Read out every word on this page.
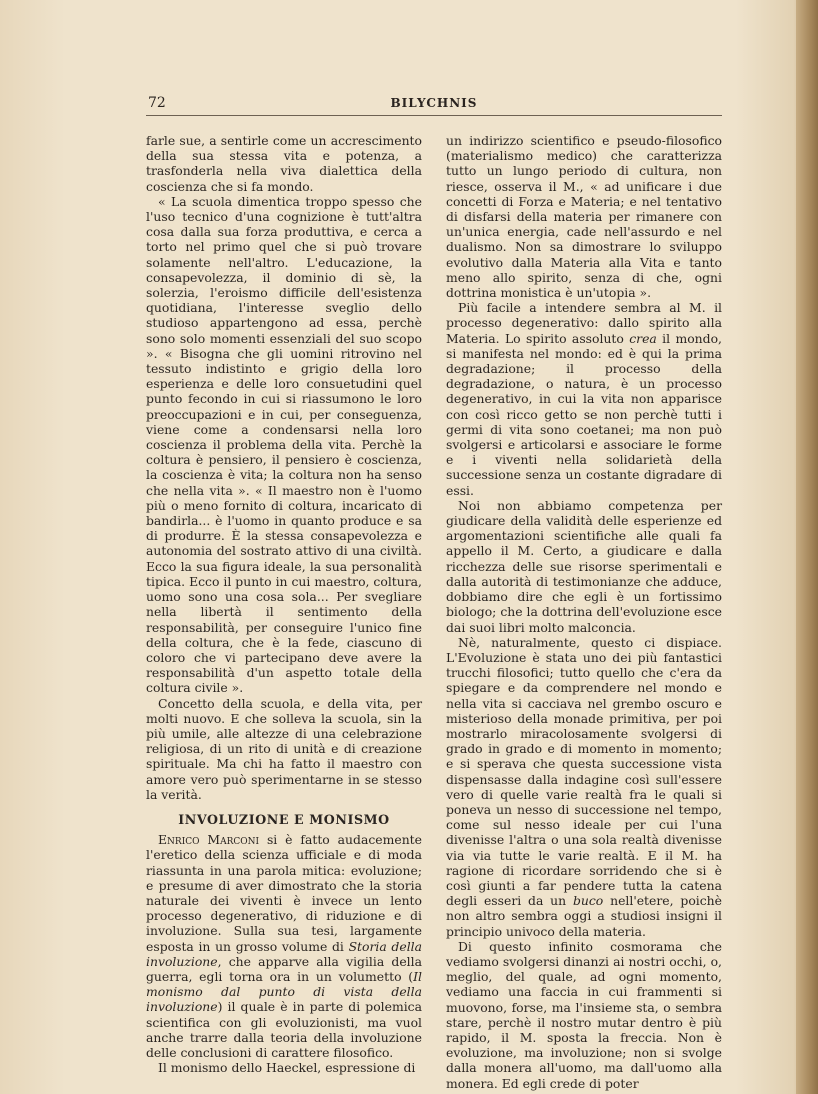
72	BILYCHNIS

farle sue, a sentirle come un accrescimento della sua stessa vita e potenza, a trasfonderla nella viva dialettica della coscienza che si fa mondo.

« La scuola dimentica troppo spesso che l'uso tecnico d'una cognizione è tutt'altra cosa dalla sua forza produttiva, e cerca a torto nel primo quel che si può trovare solamente nell'altro. L'educazione, la consapevolezza, il dominio di sè, la solerzia, l'eroismo difficile dell'esistenza quotidiana, l'interesse sveglio dello studioso appartengono ad essa, perchè sono solo momenti essenziali del suo scopo ». « Bisogna che gli uomini ritrovino nel tessuto indistinto e grigio della loro esperienza e delle loro consuetudini quel punto fecondo in cui si riassumono le loro preoccupazioni e in cui, per conseguenza, viene come a condensarsi nella loro coscienza il problema della vita. Perchè la coltura è pensiero, il pensiero è coscienza, la coscienza è vita; la coltura non ha senso che nella vita ». « Il maestro non è l'uomo più o meno fornito di coltura, incaricato di bandirla... è l'uomo in quanto produce e sa di produrre. È la stessa consapevolezza e autonomia del sostrato attivo di una civiltà. Ecco la sua figura ideale, la sua personalità tipica. Ecco il punto in cui maestro, coltura, uomo sono una cosa sola... Per svegliare nella libertà il sentimento della responsabilità, per conseguire l'unico fine della coltura, che è la fede, ciascuno di coloro che vi partecipano deve avere la responsabilità d'un aspetto totale della coltura civile ».

Concetto della scuola, e della vita, per molti nuovo. E che solleva la scuola, sin la più umile, alle altezze di una celebrazione religiosa, di un rito di unità e di creazione spirituale. Ma chi ha fatto il maestro con amore vero può sperimentarne in se stesso la verità.

INVOLUZIONE E MONISMO

Enrico Marconi si è fatto audacemente l'eretico della scienza ufficiale e di moda riassunta in una parola mitica: evoluzione; e presume di aver dimostrato che la storia naturale dei viventi è invece un lento processo degenerativo, di riduzione e di involuzione. Sulla sua tesi, largamente esposta in un grosso volume di Storia della involuzione, che apparve alla vigilia della guerra, egli torna ora in un volumetto (Il monismo dal punto di vista della involuzione) il quale è in parte di polemica scientifica con gli evoluzionisti, ma vuol anche trarre dalla teoria della involuzione delle conclusioni di carattere filosofico.

Il monismo dello Haeckel, espressione di

un indirizzo scientifico e pseudo-filosofico (materialismo medico) che caratterizza tutto un lungo periodo di cultura, non riesce, osserva il M., « ad unificare i due concetti di Forza e Materia; e nel tentativo di disfarsi della materia per rimanere con un'unica energia, cade nell'assurdo e nel dualismo. Non sa dimostrare lo sviluppo evolutivo dalla Materia alla Vita e tanto meno allo spirito, senza di che, ogni dottrina monistica è un'utopia ».

Più facile a intendere sembra al M. il processo degenerativo: dallo spirito alla Materia. Lo spirito assoluto crea il mondo, si manifesta nel mondo: ed è qui la prima degradazione; il processo della degradazione, o natura, è un processo degenerativo, in cui la vita non apparisce con così ricco getto se non perchè tutti i germi di vita sono coetanei; ma non può svolgersi e articolarsi e associare le forme e i viventi nella solidarietà della successione senza un costante digradare di essi.

Noi non abbiamo competenza per giudicare della validità delle esperienze ed argomentazioni scientifiche alle quali fa appello il M. Certo, a giudicare e dalla ricchezza delle sue risorse sperimentali e dalla autorità di testimonianze che adduce, dobbiamo dire che egli è un fortissimo biologo; che la dottrina dell'evoluzione esce dai suoi libri molto malconcia.

Nè, naturalmente, questo ci dispiace. L'Evoluzione è stata uno dei più fantastici trucchi filosofici; tutto quello che c'era da spiegare e da comprendere nel mondo e nella vita si cacciava nel grembo oscuro e misterioso della monade primitiva, per poi mostrarlo miracolosamente svolgersi di grado in grado e di momento in momento; e si sperava che questa successione vista dispensasse dalla indagine così sull'essere vero di quelle varie realtà fra le quali si poneva un nesso di successione nel tempo, come sul nesso ideale per cui l'una divenisse l'altra o una sola realtà divenisse via via tutte le varie realtà. E il M. ha ragione di ricordare sorridendo che si è così giunti a far pendere tutta la catena degli esseri da un buco nell'etere, poichè non altro sembra oggi a studiosi insigni il principio univoco della materia.

Di questo infinito cosmorama che vediamo svolgersi dinanzi ai nostri occhi, o, meglio, del quale, ad ogni momento, vediamo una faccia in cui frammenti si muovono, forse, ma l'insieme sta, o sembra stare, perchè il nostro mutar dentro è più rapido, il M. sposta la freccia. Non è evoluzione, ma involuzione; non si svolge dalla monera all'uomo, ma dall'uomo alla monera. Ed egli crede di poter
